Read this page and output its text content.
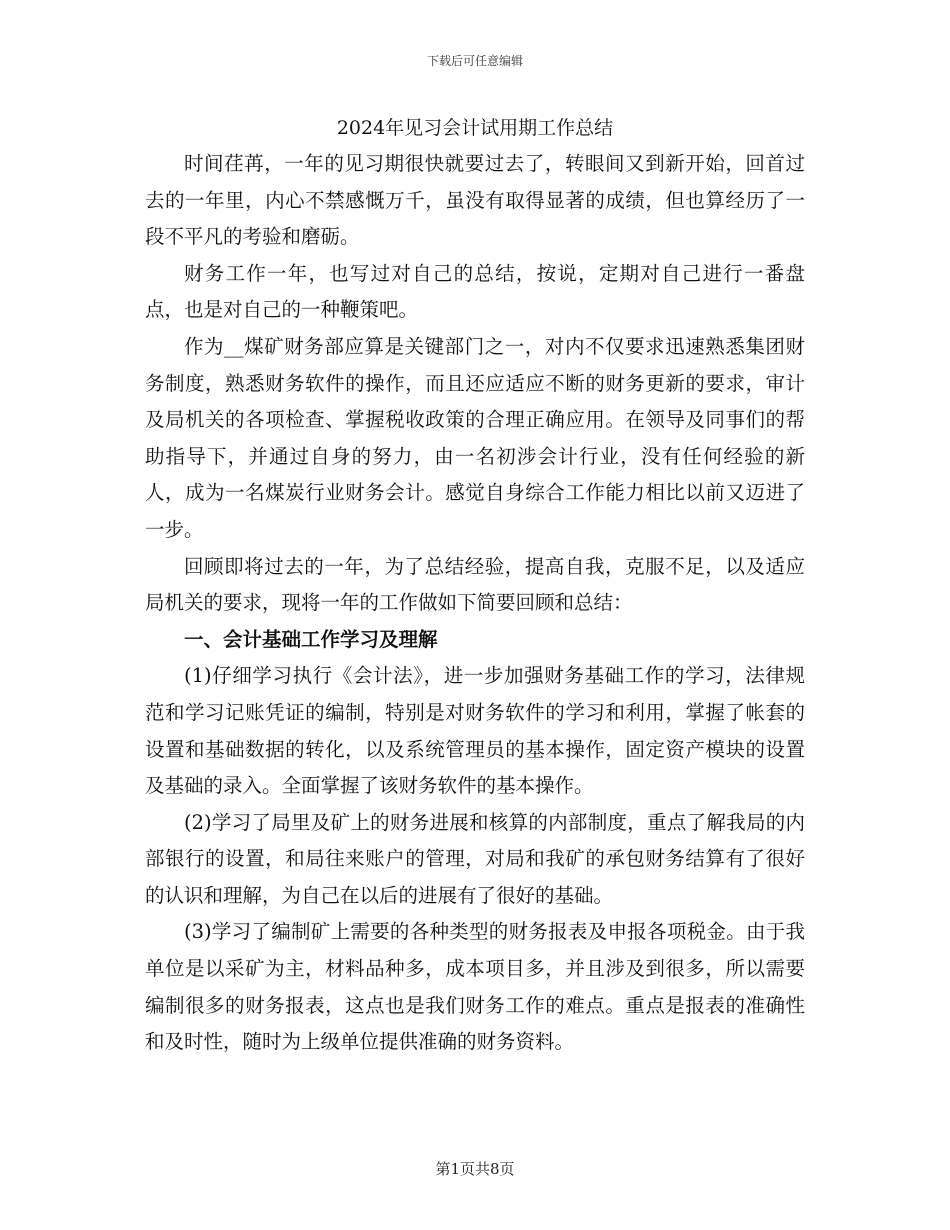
下载后可任意编辑
2024年见习会计试用期工作总结

时间荏苒，一年的见习期很快就要过去了，转眼间又到新开始，回首过去的一年里，内心不禁感慨万千，虽没有取得显著的成绩，但也算经历了一段不平凡的考验和磨砺。

财务工作一年，也写过对自己的总结，按说，定期对自己进行一番盘点，也是对自己的一种鞭策吧。

作为__煤矿财务部应算是关键部门之一，对内不仅要求迅速熟悉集团财务制度，熟悉财务软件的操作，而且还应适应不断的财务更新的要求，审计及局机关的各项检查、掌握税收政策的合理正确应用。在领导及同事们的帮助指导下，并通过自身的努力，由一名初涉会计行业，没有任何经验的新人，成为一名煤炭行业财务会计。感觉自身综合工作能力相比以前又迈进了一步。

回顾即将过去的一年，为了总结经验，提高自我，克服不足，以及适应局机关的要求，现将一年的工作做如下简要回顾和总结：

一、会计基础工作学习及理解

(1)仔细学习执行《会计法》，进一步加强财务基础工作的学习，法律规范和学习记账凭证的编制，特别是对财务软件的学习和利用，掌握了帐套的设置和基础数据的转化，以及系统管理员的基本操作，固定资产模块的设置及基础的录入。全面掌握了该财务软件的基本操作。

(2)学习了局里及矿上的财务进展和核算的内部制度，重点了解我局的内部银行的设置，和局往来账户的管理，对局和我矿的承包财务结算有了很好的认识和理解，为自己在以后的进展有了很好的基础。

(3)学习了编制矿上需要的各种类型的财务报表及申报各项税金。由于我单位是以采矿为主，材料品种多，成本项目多，并且涉及到很多，所以需要编制很多的财务报表，这点也是我们财务工作的难点。重点是报表的准确性和及时性，随时为上级单位提供准确的财务资料。

第1页共8页
